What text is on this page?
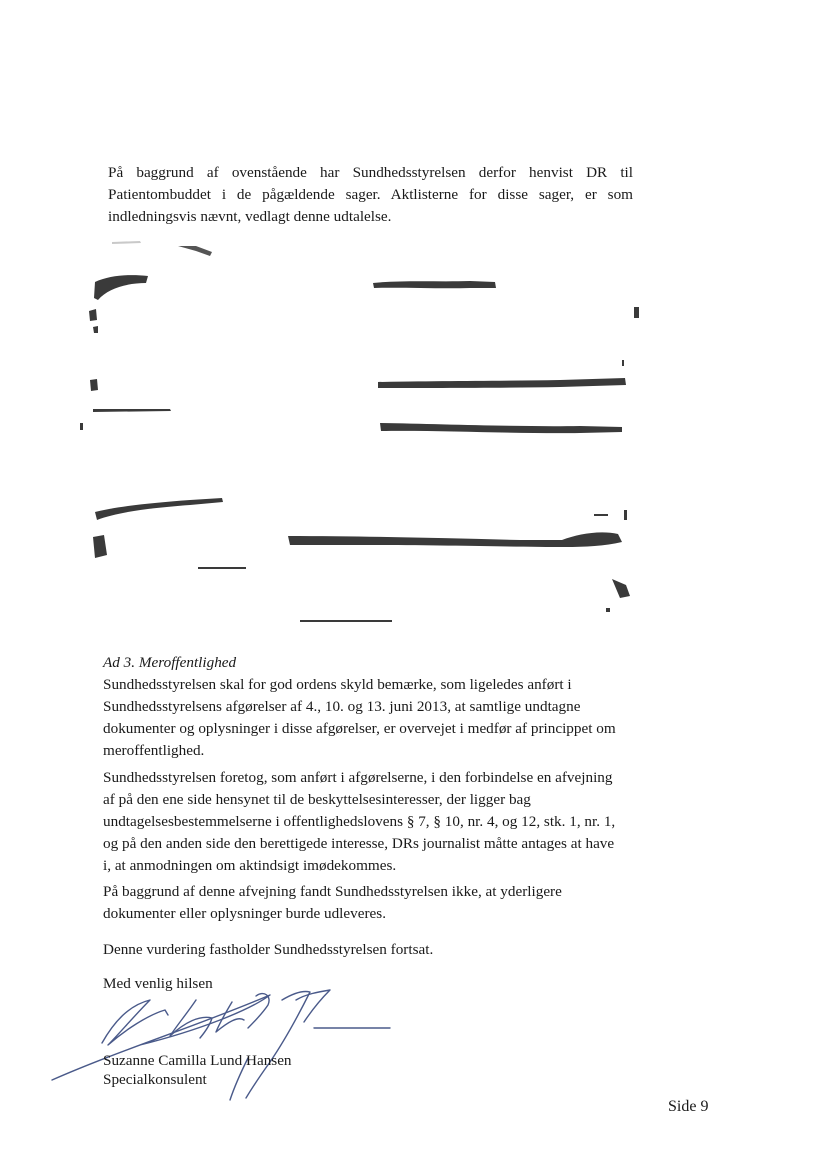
På baggrund af ovenstående har Sundhedsstyrelsen derfor henvist DR til Patientombuddet i de pågældende sager. Aktlisterne for disse sager, er som indledningsvis nævnt, vedlagt denne udtalelse.

Ad 3. Meroffentlighed

Sundhedsstyrelsen skal for god ordens skyld bemærke, som ligeledes anført i Sundhedsstyrelsens afgørelser af 4., 10. og 13. juni 2013, at samtlige undtagne dokumenter og oplysninger i disse afgørelser, er overvejet i medfør af princippet om meroffentlighed.

Sundhedsstyrelsen foretog, som anført i afgørelserne, i den forbindelse en afvejning af på den ene side hensynet til de beskyttelsesinteresser, der ligger bag undtagelsesbestemmelserne i offentlighedslovens § 7, § 10, nr. 4, og 12, stk. 1, nr. 1, og på den anden side den berettigede interesse, DRs journalist måtte antages at have i, at anmodningen om aktindsigt imødekommes.

På baggrund af denne afvejning fandt Sundhedsstyrelsen ikke, at yderligere dokumenter eller oplysninger burde udleveres.

Denne vurdering fastholder Sundhedsstyrelsen fortsat.

Med venlig hilsen

Suzanne Camilla Lund Hansen

Specialkonsulent

Side 9
